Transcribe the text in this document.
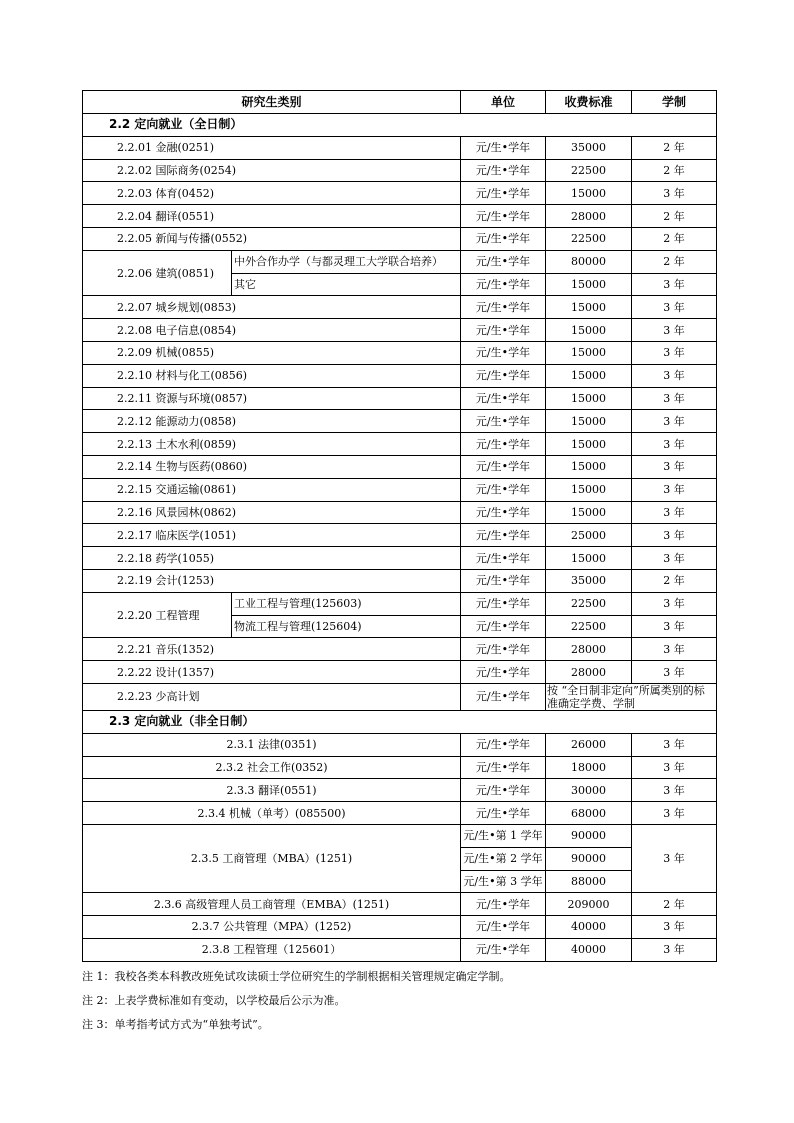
研究生类别		单位	收费标准	学制
2.2 定向就业（全日制）				
2.2.01 金融(0251)		元/生•学年	35000	2 年
2.2.02 国际商务(0254)		元/生•学年	22500	2 年
2.2.03 体育(0452)		元/生•学年	15000	3 年
2.2.04 翻译(0551)		元/生•学年	28000	2 年
2.2.05 新闻与传播(0552)		元/生•学年	22500	2 年
2.2.06 建筑(0851)	中外合作办学（与都灵理工大学联合培养）	元/生•学年	80000	2 年
	其它	元/生•学年	15000	3 年
2.2.07 城乡规划(0853)		元/生•学年	15000	3 年
2.2.08 电子信息(0854)		元/生•学年	15000	3 年
2.2.09 机械(0855)		元/生•学年	15000	3 年
2.2.10 材料与化工(0856)		元/生•学年	15000	3 年
2.2.11 资源与环境(0857)		元/生•学年	15000	3 年
2.2.12 能源动力(0858)		元/生•学年	15000	3 年
2.2.13 土木水利(0859)		元/生•学年	15000	3 年
2.2.14 生物与医药(0860)		元/生•学年	15000	3 年
2.2.15 交通运输(0861)		元/生•学年	15000	3 年
2.2.16 风景园林(0862)		元/生•学年	15000	3 年
2.2.17 临床医学(1051)		元/生•学年	25000	3 年
2.2.18 药学(1055)		元/生•学年	15000	3 年
2.2.19 会计(1253)		元/生•学年	35000	2 年
2.2.20 工程管理	工业工程与管理(125603)	元/生•学年	22500	3 年
	物流工程与管理(125604)	元/生•学年	22500	3 年
2.2.21 音乐(1352)		元/生•学年	28000	3 年
2.2.22 设计(1357)		元/生•学年	28000	3 年
2.2.23 少高计划		元/生•学年	按 “全日制非定向”所属类别的标准确定学费、学制	
2.3 定向就业（非全日制）				
2.3.1 法律(0351)		元/生•学年	26000	3 年
2.3.2 社会工作(0352)		元/生•学年	18000	3 年
2.3.3 翻译(0551)		元/生•学年	30000	3 年
2.3.4 机械（单考）(085500)		元/生•学年	68000	3 年
2.3.5 工商管理（MBA）(1251)		元/生•第 1 学年	90000	3 年
		元/生•第 2 学年	90000	
		元/生•第 3 学年	88000	
2.3.6 高级管理人员工商管理（EMBA）(1251)		元/生•学年	209000	2 年
2.3.7 公共管理（MPA）(1252)		元/生•学年	40000	3 年
2.3.8 工程管理（125601）		元/生•学年	40000	3 年
注 1：我校各类本科教改班免试攻读硕士学位研究生的学制根据相关管理规定确定学制。
注 2：上表学费标准如有变动，以学校最后公示为准。
注 3：单考指考试方式为“单独考试”。
